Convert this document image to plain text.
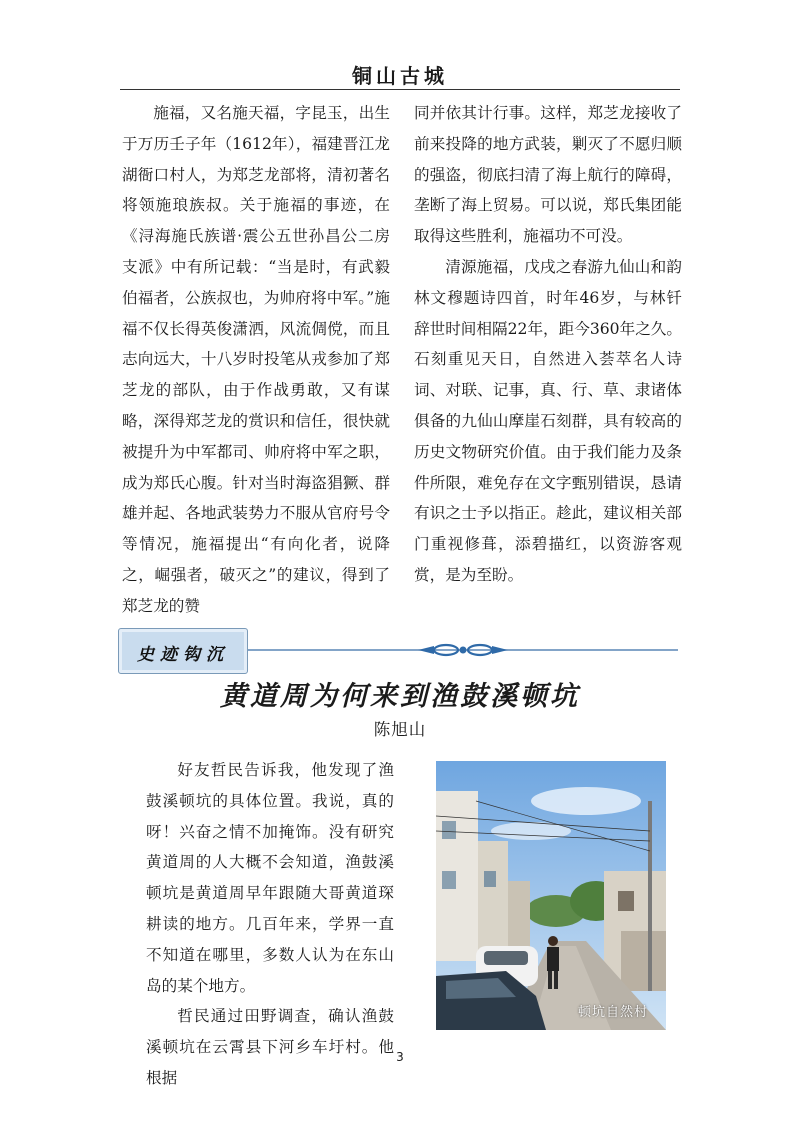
铜山古城

施福，又名施天福，字昆玉，出生于万历壬子年（1612年），福建晋江龙湖衙口村人，为郑芝龙部将，清初著名将领施琅族叔。关于施福的事迹，在《浔海施氏族谱·震公五世孙昌公二房支派》中有所记载：“当是时，有武毅伯福者，公族叔也，为帅府将中军。”施福不仅长得英俊潇洒，风流倜傥，而且志向远大，十八岁时投笔从戎参加了郑芝龙的部队，由于作战勇敢，又有谋略，深得郑芝龙的赏识和信任，很快就被提升为中军都司、帅府将中军之职，成为郑氏心腹。针对当时海盗猖獗、群雄并起、各地武装势力不服从官府号令等情况，施福提出“有向化者，说降之，崛强者，破灭之”的建议，得到了郑芝龙的赞

同并依其计行事。这样，郑芝龙接收了前来投降的地方武装，剿灭了不愿归顺的强盗，彻底扫清了海上航行的障碍，垄断了海上贸易。可以说，郑氏集团能取得这些胜利，施福功不可没。

清源施福，戊戌之春游九仙山和韵林文穆题诗四首，时年46岁，与林钎辞世时间相隔22年，距今360年之久。石刻重见天日，自然进入荟萃名人诗词、对联、记事，真、行、草、隶诸体俱备的九仙山摩崖石刻群，具有较高的历史文物研究价值。由于我们能力及条件所限，难免存在文字甄别错误，恳请有识之士予以指正。趁此，建议相关部门重视修葺，添碧描红，以资游客观赏，是为至盼。

史迹钩沉
黄道周为何来到渔鼓溪顿坑
陈旭山

好友哲民告诉我，他发现了渔鼓溪顿坑的具体位置。我说，真的呀！兴奋之情不加掩饰。没有研究黄道周的人大概不会知道，渔鼓溪顿坑是黄道周早年跟随大哥黄道琛耕读的地方。几百年来，学界一直不知道在哪里，多数人认为在东山岛的某个地方。

哲民通过田野调查，确认渔鼓溪顿坑在云霄县下河乡车圩村。他根据

顿坑自然村
3
